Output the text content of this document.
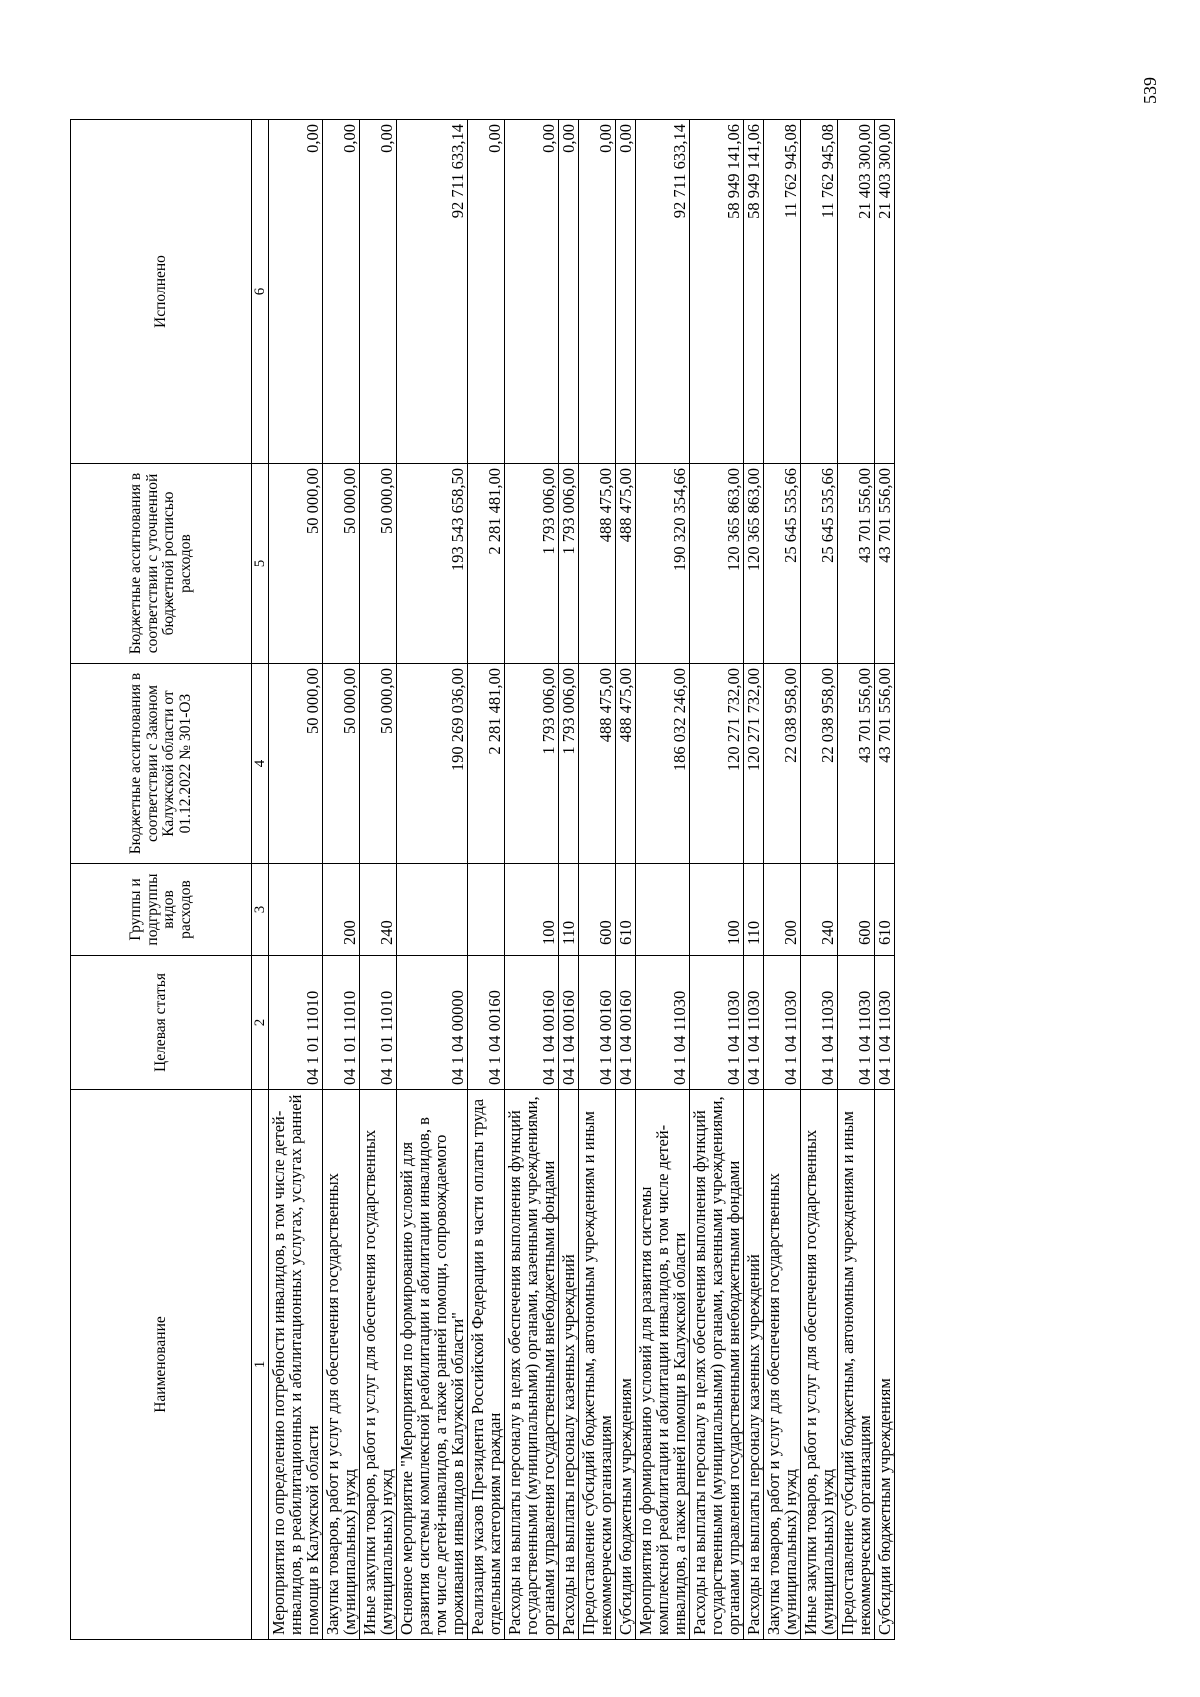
Наименование	Целевая статья	Группы и подгруппы видов расходов	Бюджетные ассигнования в соответствии с Законом Калужской области от 01.12.2022 № 301-ОЗ	Бюджетные ассигнования в соответствии с уточненной бюджетной росписью расходов	Исполнено
1	2	3	4	5	6
Мероприятия по определению потребности инвалидов, в том числе детей-инвалидов, в реабилитационных и абилитационных услугах, услугах ранней помощи в Калужской области	04 1 01 11010		50 000,00	50 000,00	0,00
Закупка товаров, работ и услуг для обеспечения государственных (муниципальных) нужд	04 1 01 11010	200	50 000,00	50 000,00	0,00
Иные закупки товаров, работ и услуг для обеспечения государственных (муниципальных) нужд	04 1 01 11010	240	50 000,00	50 000,00	0,00
Основное мероприятие "Мероприятия по формированию условий для развития системы комплексной реабилитации и абилитации инвалидов, в том числе детей-инвалидов, а также ранней помощи, сопровождаемого проживания инвалидов в Калужской области"	04 1 04 00000		190 269 036,00	193 543 658,50	92 711 633,14
Реализация указов Президента Российской Федерации в части оплаты труда отдельным категориям граждан	04 1 04 00160		2 281 481,00	2 281 481,00	0,00
Расходы на выплаты персоналу в целях обеспечения выполнения функций государственными (муниципальными) органами, казенными учреждениями, органами управления государственными внебюджетными фондами	04 1 04 00160	100	1 793 006,00	1 793 006,00	0,00
Расходы на выплаты персоналу казенных учреждений	04 1 04 00160	110	1 793 006,00	1 793 006,00	0,00
Предоставление субсидий бюджетным, автономным учреждениям и иным некоммерческим организациям	04 1 04 00160	600	488 475,00	488 475,00	0,00
Субсидии бюджетным учреждениям	04 1 04 00160	610	488 475,00	488 475,00	0,00
Мероприятия по формированию условий для развития системы комплексной реабилитации и абилитации инвалидов, в том числе детей-инвалидов, а также ранней помощи в Калужской области	04 1 04 11030		186 032 246,00	190 320 354,66	92 711 633,14
Расходы на выплаты персоналу в целях обеспечения выполнения функций государственными (муниципальными) органами, казенными учреждениями, органами управления государственными внебюджетными фондами	04 1 04 11030	100	120 271 732,00	120 365 863,00	58 949 141,06
Расходы на выплаты персоналу казенных учреждений	04 1 04 11030	110	120 271 732,00	120 365 863,00	58 949 141,06
Закупка товаров, работ и услуг для обеспечения государственных (муниципальных) нужд	04 1 04 11030	200	22 038 958,00	25 645 535,66	11 762 945,08
Иные закупки товаров, работ и услуг для обеспечения государственных (муниципальных) нужд	04 1 04 11030	240	22 038 958,00	25 645 535,66	11 762 945,08
Предоставление субсидий бюджетным, автономным учреждениям и иным некоммерческим организациям	04 1 04 11030	600	43 701 556,00	43 701 556,00	21 403 300,00
Субсидии бюджетным учреждениям	04 1 04 11030	610	43 701 556,00	43 701 556,00	21 403 300,00
539
